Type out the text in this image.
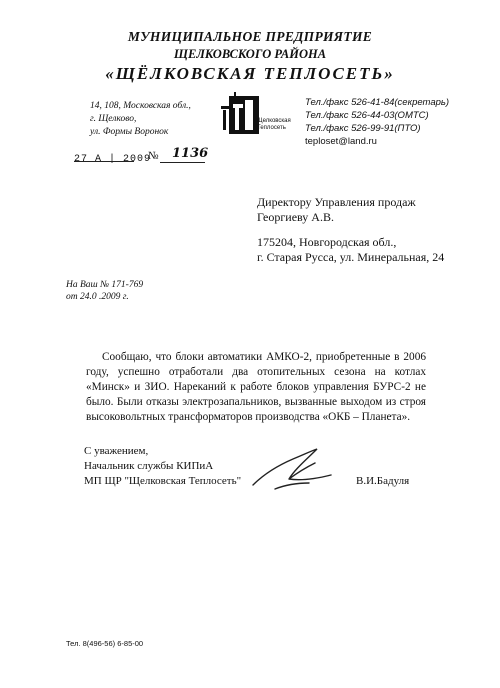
МУНИЦИПАЛЬНОЕ ПРЕДПРИЯТИЕ
ЩЕЛКОВСКОГО РАЙОНА
«ЩЁЛКОВСКАЯ ТЕПЛОСЕТЬ»
14, 108, Московская обл.,
г. Щелково,
ул. Формы Воронок
Щелковская
Теплосеть
Тел./факс 526-41-84(секретарь)
Тел./факс 526-44-03(ОМТС)
Тел./факс 526-99-91(ПТО)
teploset@land.ru
27 А | 2009
№ 1136
Директору Управления продаж
Георгиеву А.В.
175204, Новгородская обл.,
г. Старая Русса, ул. Минеральная, 24
На Ваш № 171-769
от 24.0 .2009 г.

Сообщаю, что блоки автоматики АМКО-2, приобретенные в 2006 году, успешно отработали два отопительных сезона на котлах «Минск» и ЗИО. Нареканий к работе блоков управления БУРС-2 не было. Были отказы электрозапальников, вызванные выходом из строя высоковольтных трансформаторов производства «ОКБ – Планета».

С уважением,
Начальник службы КИПиА
МП ЩР "Щелковская Теплосеть"	В.И.Бадуля
Тел. 8(496-56) 6-85-00
